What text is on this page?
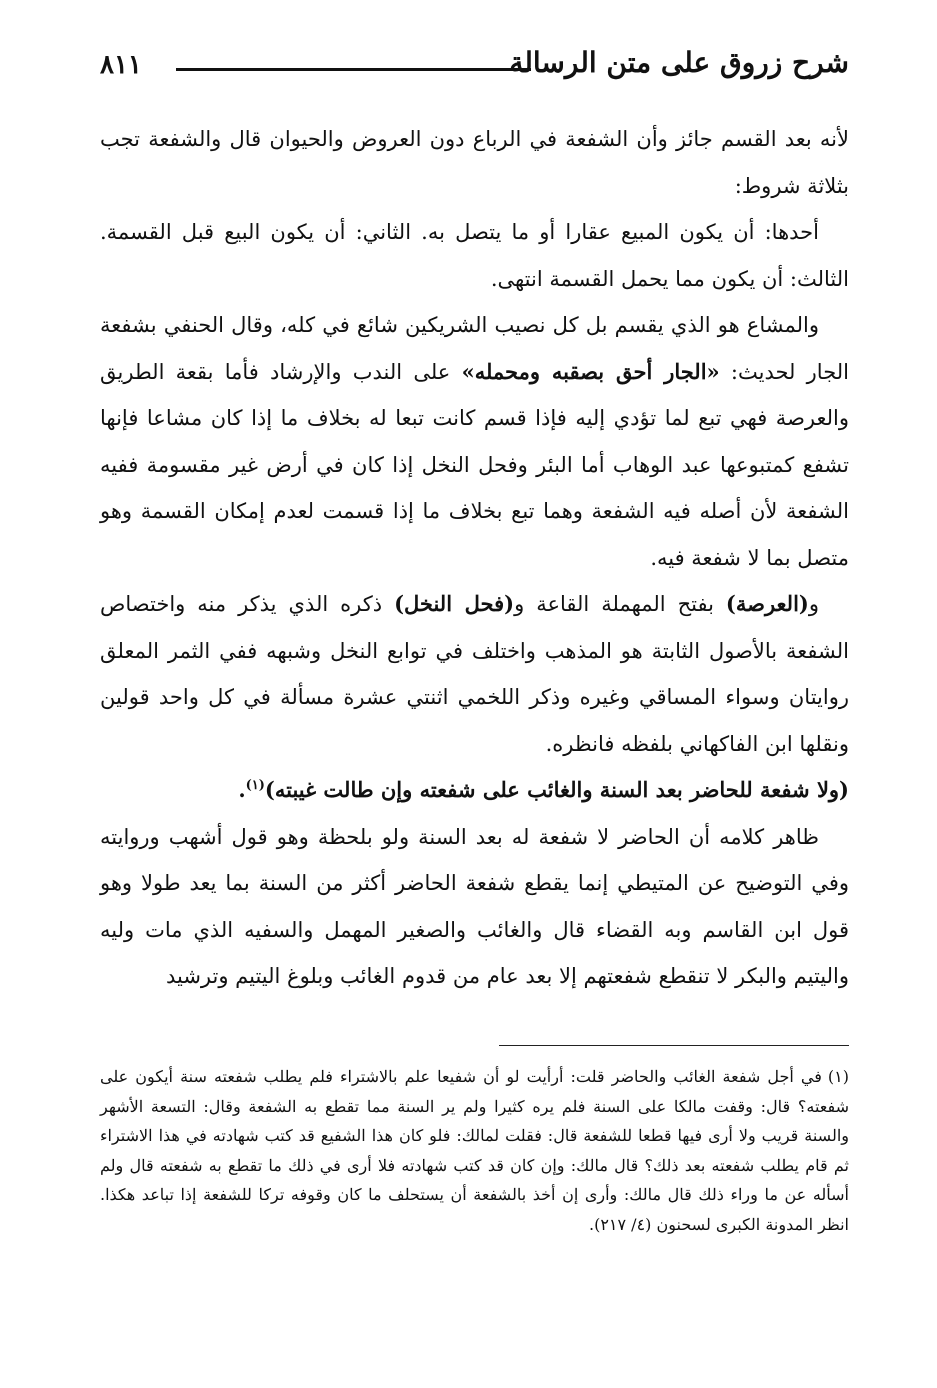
شرح زروق على متن الرسالة
٨١١

لأنه بعد القسم جائز وأن الشفعة في الرباع دون العروض والحيوان قال والشفعة تجب بثلاثة شروط:

أحدها: أن يكون المبيع عقارا أو ما يتصل به. الثاني: أن يكون البيع قبل القسمة. الثالث: أن يكون مما يحمل القسمة انتهى.

والمشاع هو الذي يقسم بل كل نصيب الشريكين شائع في كله، وقال الحنفي بشفعة الجار لحديث: «الجار أحق بصقبه ومحمله» على الندب والإرشاد فأما بقعة الطريق والعرصة فهي تبع لما تؤدي إليه فإذا قسم كانت تبعا له بخلاف ما إذا كان مشاعا فإنها تشفع كمتبوعها عبد الوهاب أما البئر وفحل النخل إذا كان في أرض غير مقسومة ففيه الشفعة لأن أصله فيه الشفعة وهما تبع بخلاف ما إذا قسمت لعدم إمكان القسمة وهو متصل بما لا شفعة فيه.

و(العرصة) بفتح المهملة القاعة و(فحل النخل) ذكره الذي يذكر منه واختصاص الشفعة بالأصول الثابتة هو المذهب واختلف في توابع النخل وشبهه ففي الثمر المعلق روايتان وسواء المساقي وغيره وذكر اللخمي اثنتي عشرة مسألة في كل واحد قولين ونقلها ابن الفاكهاني بلفظه فانظره.

(ولا شفعة للحاضر بعد السنة والغائب على شفعته وإن طالت غيبته)$^{(١)}$.

ظاهر كلامه أن الحاضر لا شفعة له بعد السنة ولو بلحظة وهو قول أشهب وروايته وفي التوضيح عن المتيطي إنما يقطع شفعة الحاضر أكثر من السنة بما يعد طولا وهو قول ابن القاسم وبه القضاء قال والغائب والصغير المهمل والسفيه الذي مات وليه واليتيم والبكر لا تنقطع شفعتهم إلا بعد عام من قدوم الغائب وبلوغ اليتيم وترشيد

(١)في أجل شفعة الغائب والحاضر قلت: أرأيت لو أن شفيعا علم بالاشتراء فلم يطلب شفعته سنة أيكون على شفعته؟ قال: وقفت مالكا على السنة فلم يره كثيرا ولم ير السنة مما تقطع به الشفعة وقال: التسعة الأشهر والسنة قريب ولا أرى فيها قطعا للشفعة قال: فقلت لمالك: فلو كان هذا الشفيع قد كتب شهادته في هذا الاشتراء ثم قام يطلب شفعته بعد ذلك؟ قال مالك: وإن كان قد كتب شهادته فلا أرى في ذلك ما تقطع به شفعته قال ولم أسأله عن ما وراء ذلك قال مالك: وأرى إن أخذ بالشفعة أن يستحلف ما كان وقوفه تركا للشفعة إذا تباعد هكذا. انظر المدونة الكبرى لسحنون (٤/ ٢١٧).
